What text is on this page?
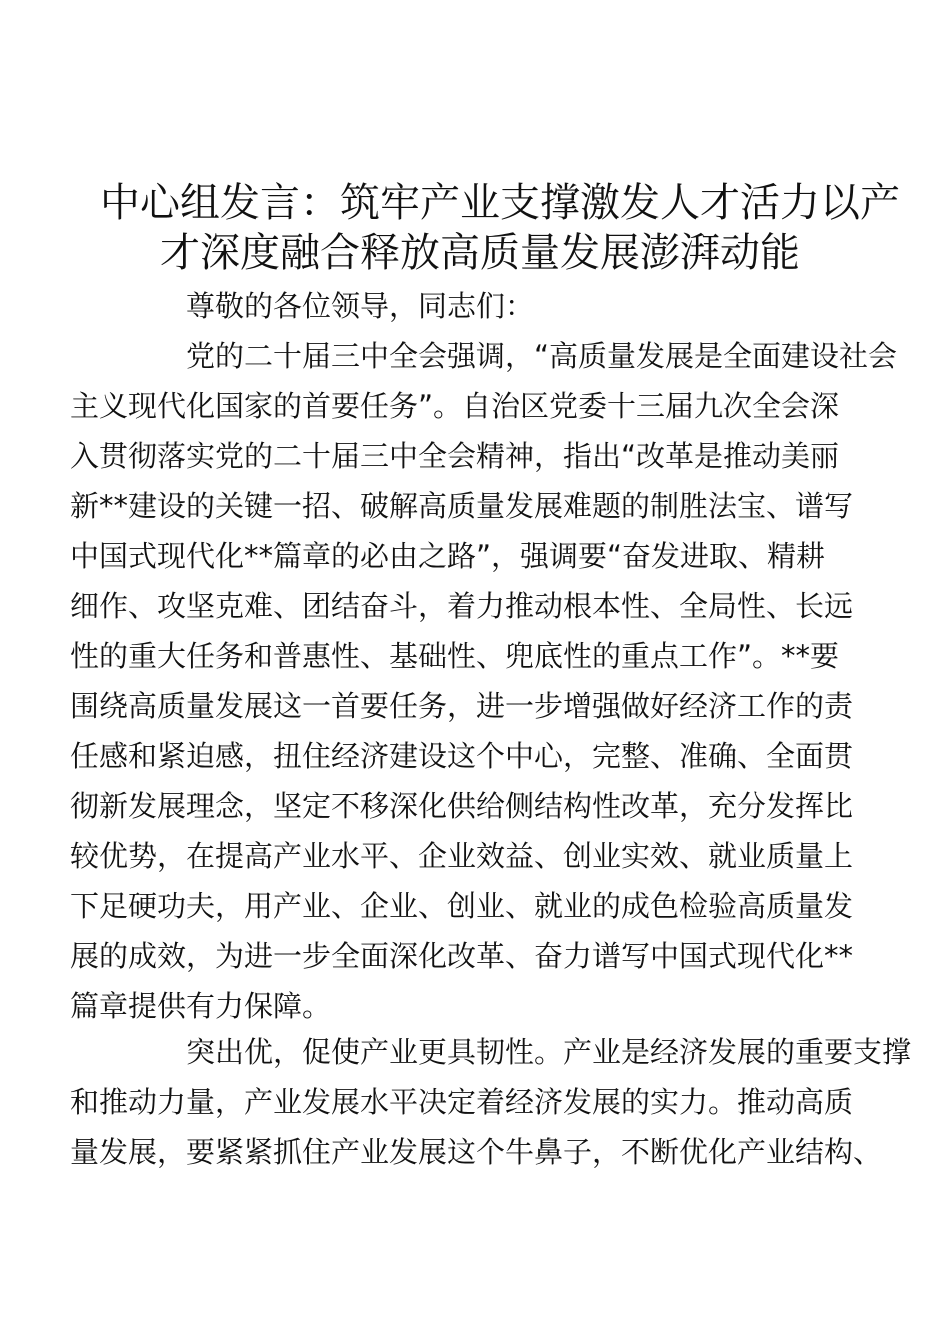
中心组发言：筑牢产业支撑激发人才活力以产
才深度融合释放高质量发展澎湃动能

尊敬的各位领导，同志们：

党的二十届三中全会强调，“高质量发展是全面建设社会
主义现代化国家的首要任务”。自治区党委十三届九次全会深
入贯彻落实党的二十届三中全会精神，指出“改革是推动美丽
新**建设的关键一招、破解高质量发展难题的制胜法宝、谱写
中国式现代化**篇章的必由之路”，强调要“奋发进取、精耕
细作、攻坚克难、团结奋斗，着力推动根本性、全局性、长远
性的重大任务和普惠性、基础性、兜底性的重点工作”。**要
围绕高质量发展这一首要任务，进一步增强做好经济工作的责
任感和紧迫感，扭住经济建设这个中心，完整、准确、全面贯
彻新发展理念，坚定不移深化供给侧结构性改革，充分发挥比
较优势，在提高产业水平、企业效益、创业实效、就业质量上
下足硬功夫，用产业、企业、创业、就业的成色检验高质量发
展的成效，为进一步全面深化改革、奋力谱写中国式现代化**
篇章提供有力保障。
突出优，促使产业更具韧性。产业是经济发展的重要支撑
和推动力量，产业发展水平决定着经济发展的实力。推动高质
量发展，要紧紧抓住产业发展这个牛鼻子，不断优化产业结构、
